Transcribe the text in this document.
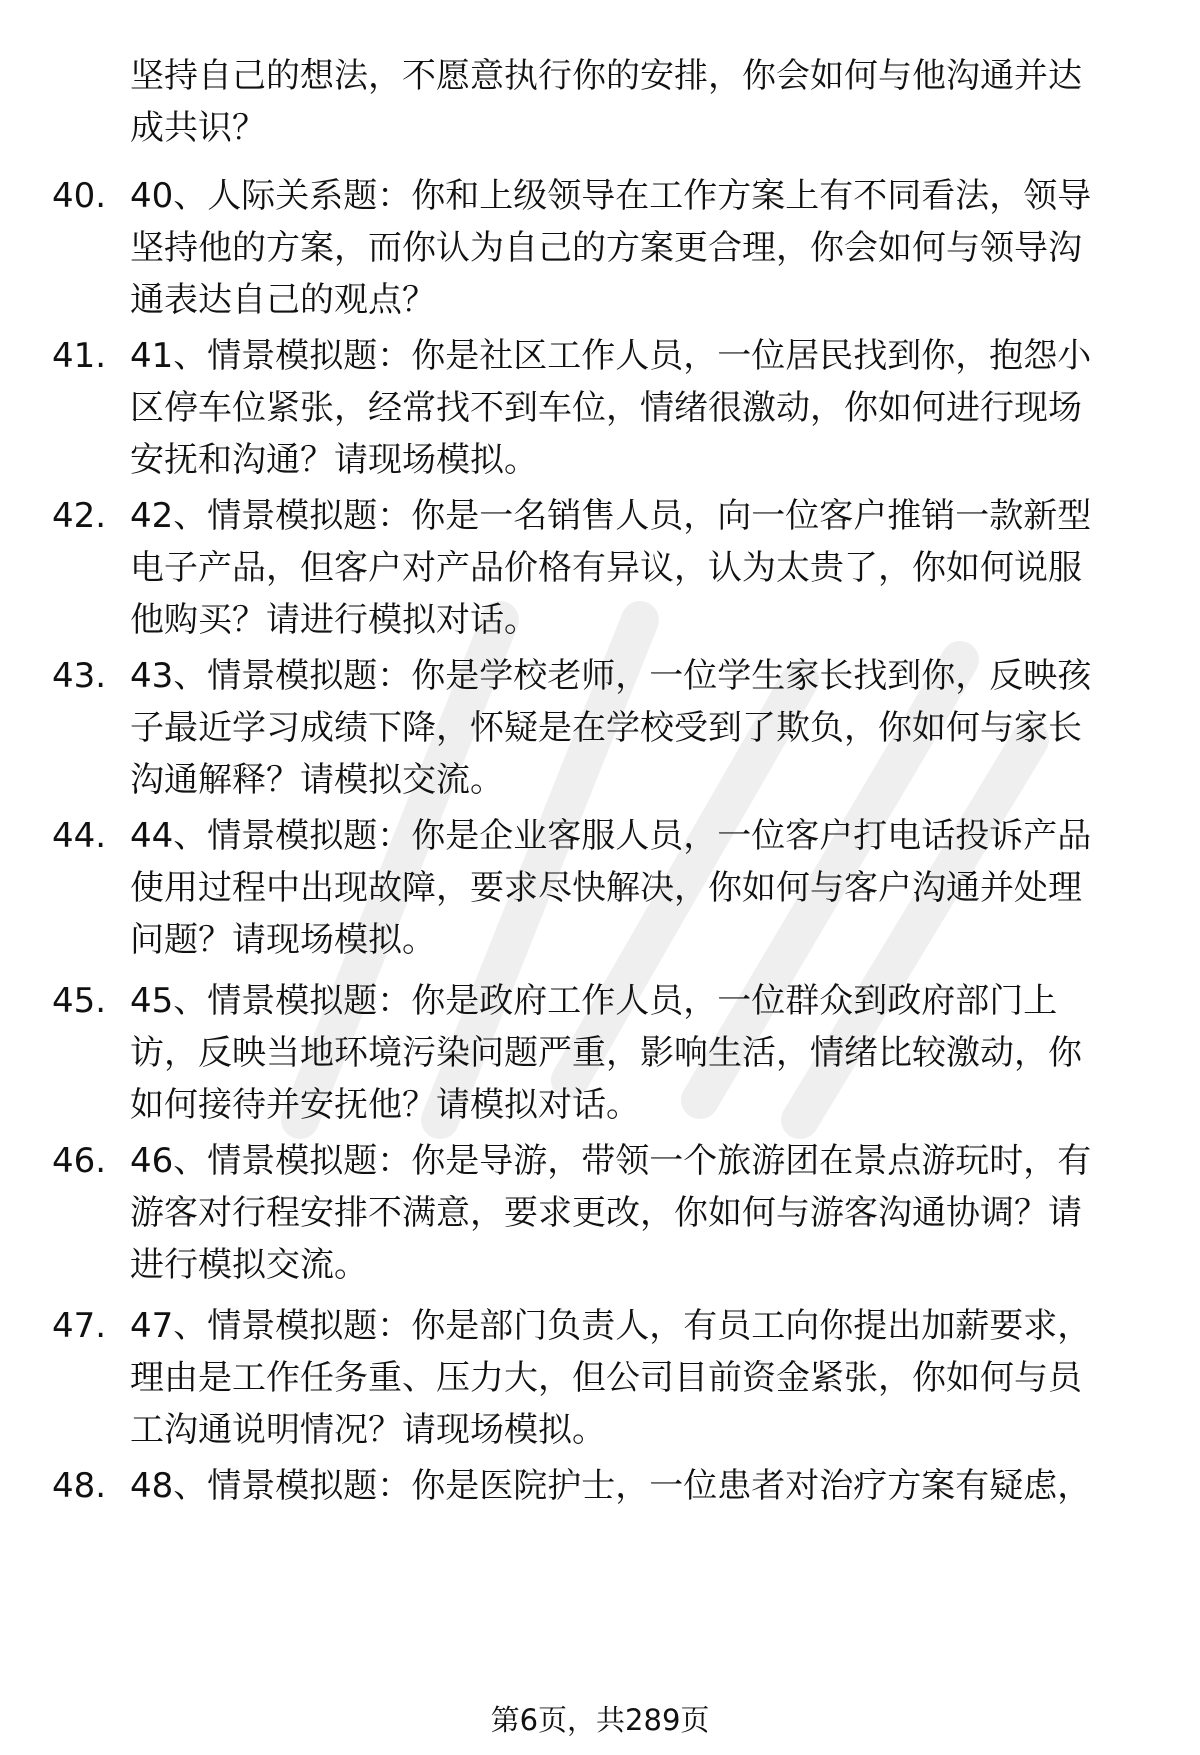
坚持自己的想法，不愿意执行你的安排，你会如何与他沟通并达
成共识？
40. 40、人际关系题：你和上级领导在工作方案上有不同看法，领导
坚持他的方案，而你认为自己的方案更合理，你会如何与领导沟
通表达自己的观点？
41. 41、情景模拟题：你是社区工作人员，一位居民找到你，抱怨小
区停车位紧张，经常找不到车位，情绪很激动，你如何进行现场
安抚和沟通？请现场模拟。
42. 42、情景模拟题：你是一名销售人员，向一位客户推销一款新型
电子产品，但客户对产品价格有异议，认为太贵了，你如何说服
他购买？请进行模拟对话。
43. 43、情景模拟题：你是学校老师，一位学生家长找到你，反映孩
子最近学习成绩下降，怀疑是在学校受到了欺负，你如何与家长
沟通解释？请模拟交流。
44. 44、情景模拟题：你是企业客服人员，一位客户打电话投诉产品
使用过程中出现故障，要求尽快解决，你如何与客户沟通并处理
问题？请现场模拟。
45. 45、情景模拟题：你是政府工作人员，一位群众到政府部门上
访，反映当地环境污染问题严重，影响生活，情绪比较激动，你
如何接待并安抚他？请模拟对话。
46. 46、情景模拟题：你是导游，带领一个旅游团在景点游玩时，有
游客对行程安排不满意，要求更改，你如何与游客沟通协调？请
进行模拟交流。
47. 47、情景模拟题：你是部门负责人，有员工向你提出加薪要求，
理由是工作任务重、压力大，但公司目前资金紧张，你如何与员
工沟通说明情况？请现场模拟。
48. 48、情景模拟题：你是医院护士，一位患者对治疗方案有疑虑，
第6页，共289页
